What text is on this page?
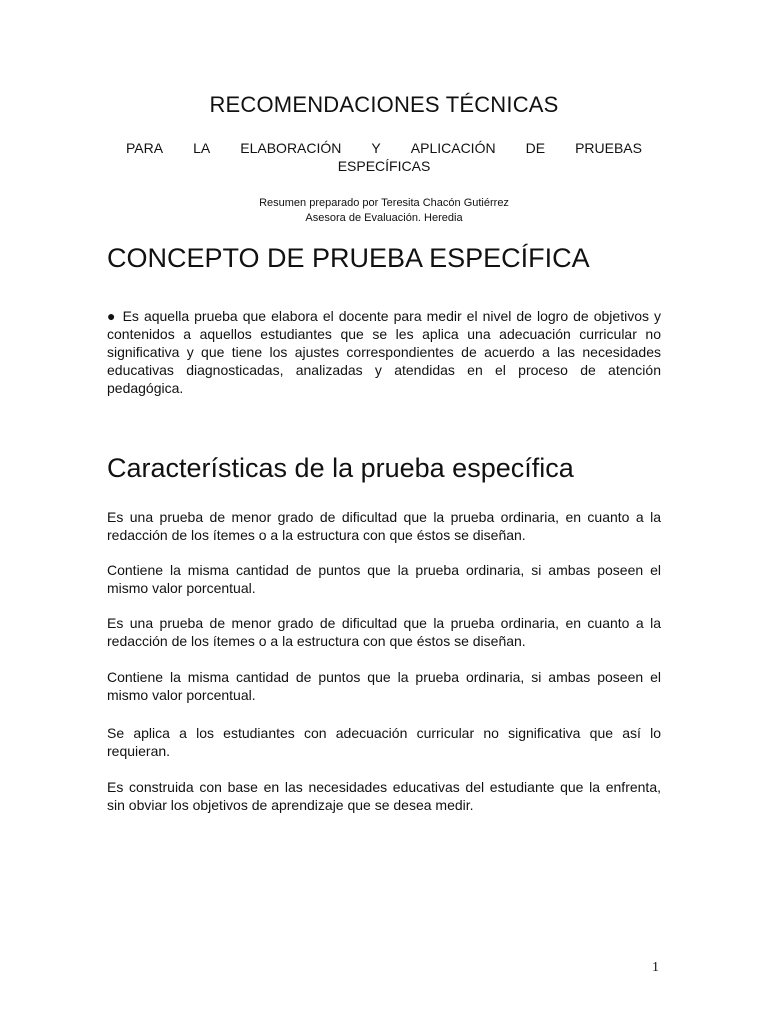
RECOMENDACIONES TÉCNICAS
PARA LA ELABORACIÓN Y APLICACIÓN DE PRUEBAS
ESPECÍFICAS
Resumen preparado por Teresita Chacón Gutiérrez
Asesora de Evaluación. Heredia
CONCEPTO DE PRUEBA ESPECÍFICA

● Es aquella prueba que elabora el docente para medir el nivel de logro de objetivos y contenidos a aquellos estudiantes que se les aplica una adecuación curricular no significativa y que tiene los ajustes correspondientes de acuerdo a las necesidades educativas diagnosticadas, analizadas y atendidas en el proceso de atención pedagógica.

Características de la prueba específica

Es una prueba de menor grado de dificultad que la prueba ordinaria, en cuanto a la redacción de los ítemes o a la estructura con que éstos se diseñan.

Contiene la misma cantidad de puntos que la prueba ordinaria, si ambas poseen el mismo valor porcentual.

Es una prueba de menor grado de dificultad que la prueba ordinaria, en cuanto a la redacción de los ítemes o a la estructura con que éstos se diseñan.

Contiene la misma cantidad de puntos que la prueba ordinaria, si ambas poseen el mismo valor porcentual.

Se aplica a los estudiantes con adecuación curricular no significativa que así lo requieran.

Es construida con base en las necesidades educativas del estudiante que la enfrenta, sin obviar los objetivos de aprendizaje que se desea medir.

1
